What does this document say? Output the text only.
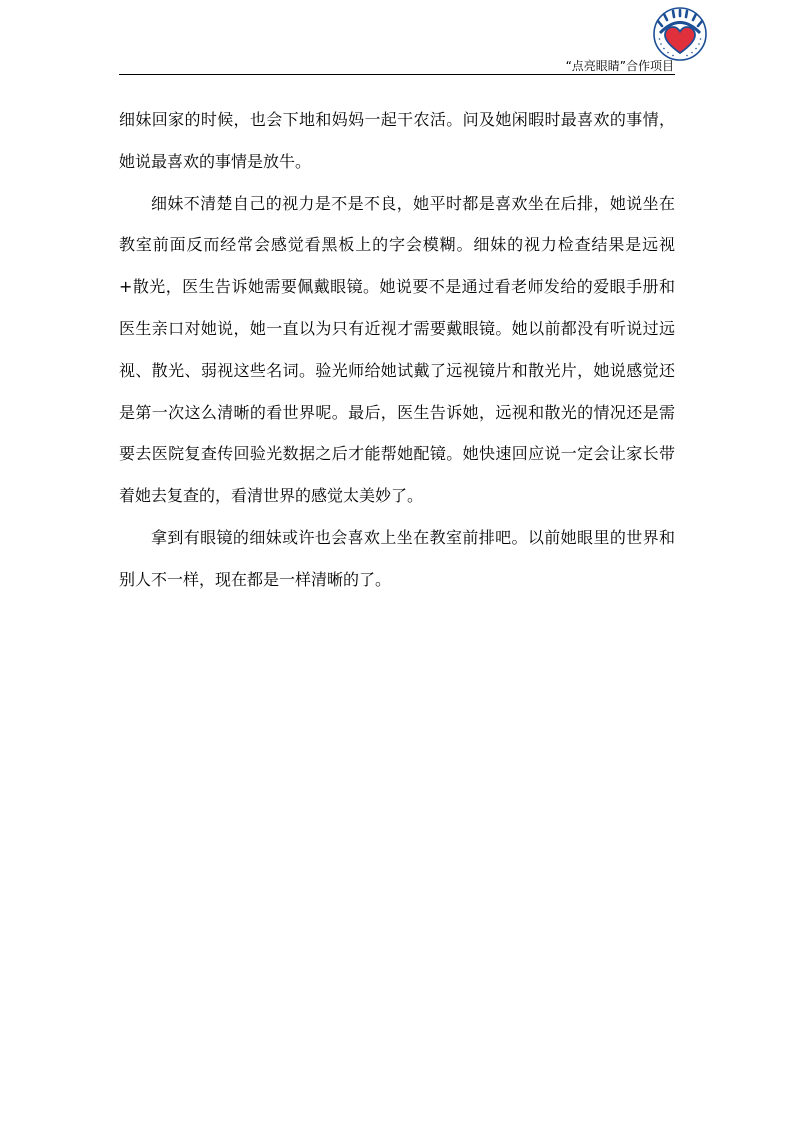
“点亮眼睛”合作项目

细妹回家的时候，也会下地和妈妈一起干农活。问及她闲暇时最喜欢的事情，她说最喜欢的事情是放牛。

细妹不清楚自己的视力是不是不良，她平时都是喜欢坐在后排，她说坐在教室前面反而经常会感觉看黑板上的字会模糊。细妹的视力检查结果是远视+散光，医生告诉她需要佩戴眼镜。她说要不是通过看老师发给的爱眼手册和医生亲口对她说，她一直以为只有近视才需要戴眼镜。她以前都没有听说过远视、散光、弱视这些名词。验光师给她试戴了远视镜片和散光片，她说感觉还是第一次这么清晰的看世界呢。最后，医生告诉她，远视和散光的情况还是需要去医院复查传回验光数据之后才能帮她配镜。她快速回应说一定会让家长带着她去复查的，看清世界的感觉太美妙了。

拿到有眼镜的细妹或许也会喜欢上坐在教室前排吧。以前她眼里的世界和别人不一样，现在都是一样清晰的了。
